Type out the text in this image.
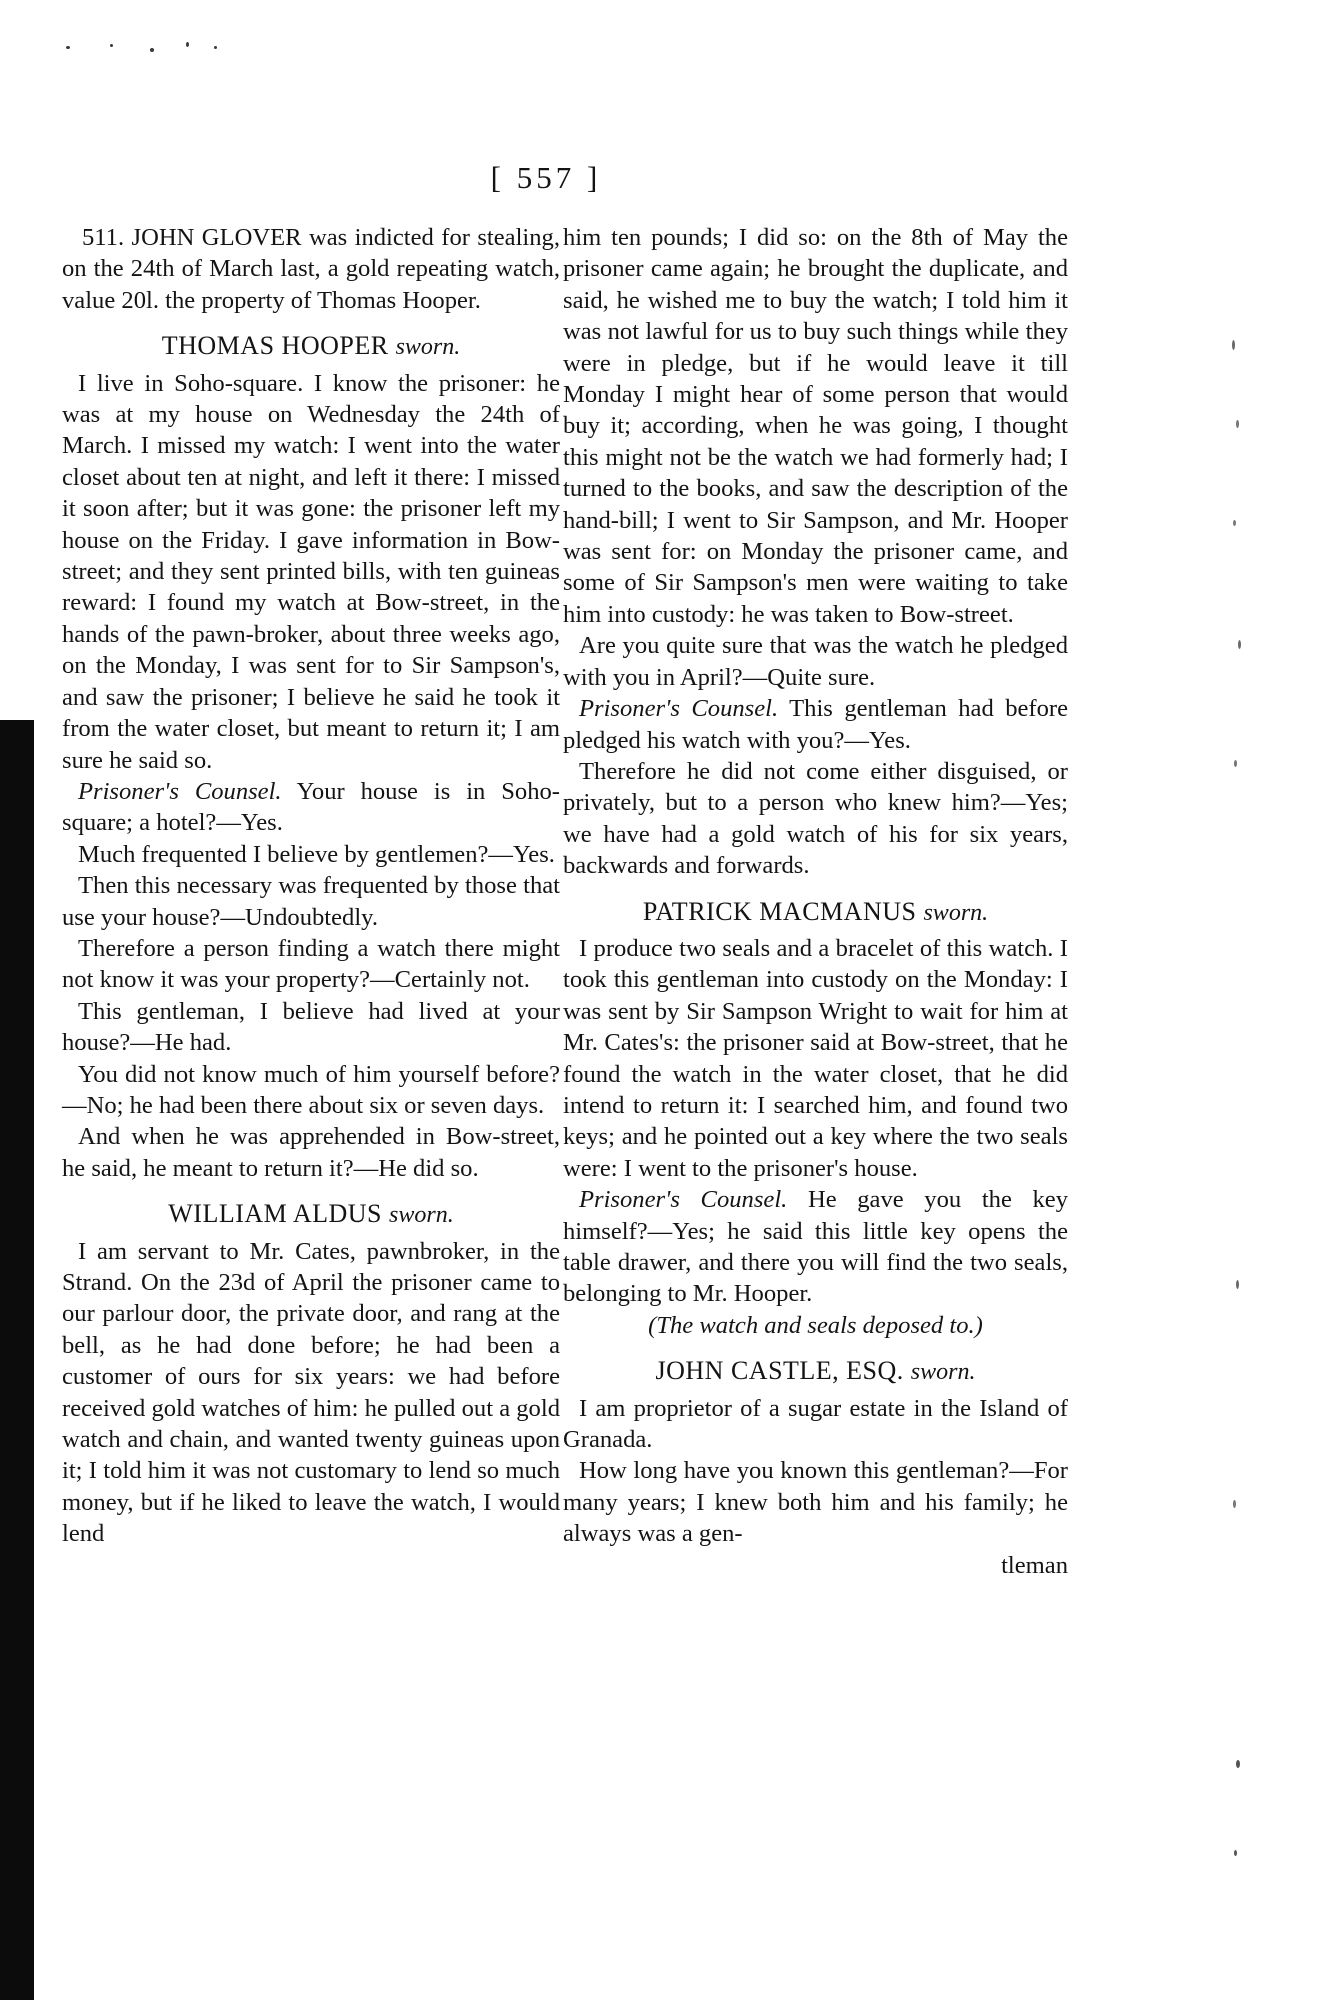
[ 557 ]

511. JOHN GLOVER was indicted for stealing, on the 24th of March last, a gold repeating watch, value 20l. the property of Thomas Hooper.

THOMAS HOOPER sworn.

I live in Soho-square. I know the prisoner: he was at my house on Wednesday the 24th of March. I missed my watch: I went into the water closet about ten at night, and left it there: I missed it soon after; but it was gone: the prisoner left my house on the Friday. I gave information in Bow-street; and they sent printed bills, with ten guineas reward: I found my watch at Bow-street, in the hands of the pawn-broker, about three weeks ago, on the Monday, I was sent for to Sir Sampson's, and saw the prisoner; I believe he said he took it from the water closet, but meant to return it; I am sure he said so.

Prisoner's Counsel. Your house is in Soho-square; a hotel?—Yes.

Much frequented I believe by gentlemen?—Yes.

Then this necessary was frequented by those that use your house?—Undoubtedly.

Therefore a person finding a watch there might not know it was your property?—Certainly not.

This gentleman, I believe had lived at your house?—He had.

You did not know much of him yourself before?—No; he had been there about six or seven days.

And when he was apprehended in Bow-street, he said, he meant to return it?—He did so.

WILLIAM ALDUS sworn.

I am servant to Mr. Cates, pawnbroker, in the Strand. On the 23d of April the prisoner came to our parlour door, the private door, and rang at the bell, as he had done before; he had been a customer of ours for six years: we had before received gold watches of him: he pulled out a gold watch and chain, and wanted twenty guineas upon it; I told him it was not customary to lend so much money, but if he liked to leave the watch, I would lend

him ten pounds; I did so: on the 8th of May the prisoner came again; he brought the duplicate, and said, he wished me to buy the watch; I told him it was not lawful for us to buy such things while they were in pledge, but if he would leave it till Monday I might hear of some person that would buy it; according, when he was going, I thought this might not be the watch we had formerly had; I turned to the books, and saw the description of the hand-bill; I went to Sir Sampson, and Mr. Hooper was sent for: on Monday the prisoner came, and some of Sir Sampson's men were waiting to take him into custody: he was taken to Bow-street.

Are you quite sure that was the watch he pledged with you in April?—Quite sure.

Prisoner's Counsel. This gentleman had before pledged his watch with you?—Yes.

Therefore he did not come either disguised, or privately, but to a person who knew him?—Yes; we have had a gold watch of his for six years, backwards and forwards.

PATRICK MACMANUS sworn.

I produce two seals and a bracelet of this watch. I took this gentleman into custody on the Monday: I was sent by Sir Sampson Wright to wait for him at Mr. Cates's: the prisoner said at Bow-street, that he found the watch in the water closet, that he did intend to return it: I searched him, and found two keys; and he pointed out a key where the two seals were: I went to the prisoner's house.

Prisoner's Counsel. He gave you the key himself?—Yes; he said this little key opens the table drawer, and there you will find the two seals, belonging to Mr. Hooper.

(The watch and seals deposed to.)

JOHN CASTLE, ESQ. sworn.

I am proprietor of a sugar estate in the Island of Granada.

How long have you known this gentleman?—For many years; I knew both him and his family; he always was a gen-

tleman
